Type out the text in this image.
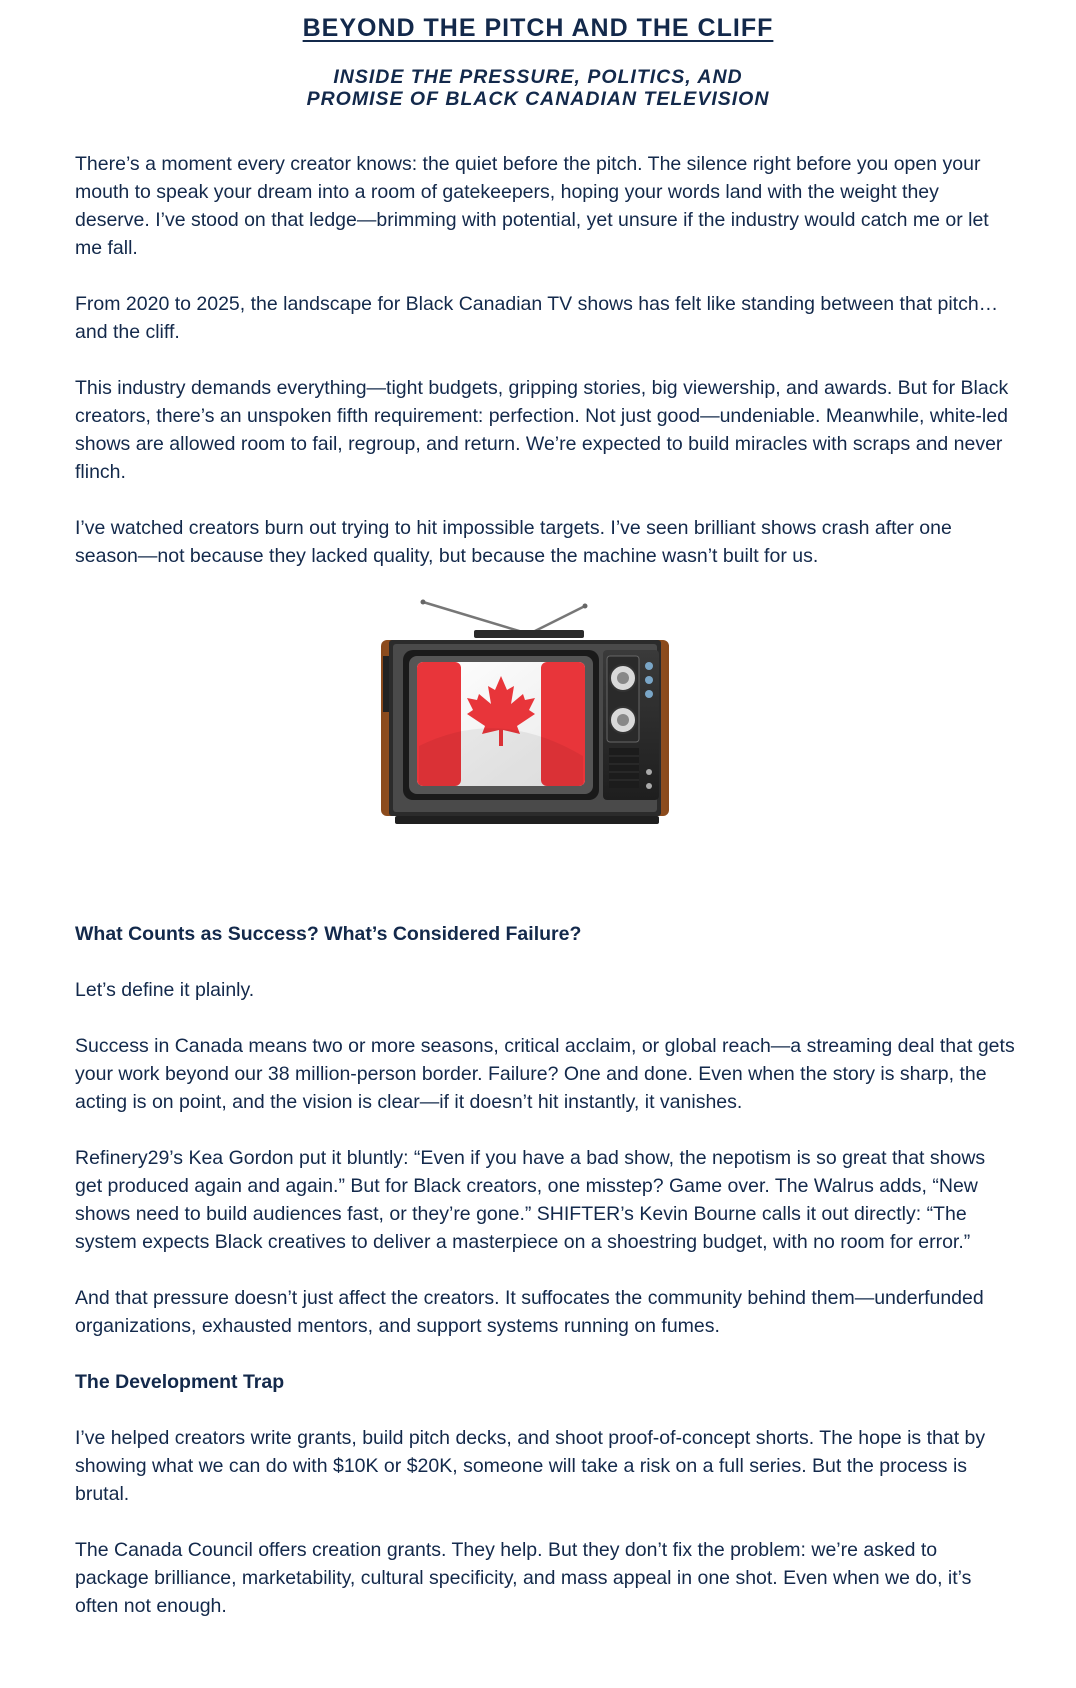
BEYOND THE PITCH AND THE CLIFF
INSIDE THE PRESSURE, POLITICS, AND
PROMISE OF BLACK CANADIAN TELEVISION

There’s a moment every creator knows: the quiet before the pitch. The silence right before you open your mouth to speak your dream into a room of gatekeepers, hoping your words land with the weight they deserve. I’ve stood on that ledge—brimming with potential, yet unsure if the industry would catch me or let me fall.

From 2020 to 2025, the landscape for Black Canadian TV shows has felt like standing between that pitch… and the cliff.

This industry demands everything—tight budgets, gripping stories, big viewership, and awards. But for Black creators, there’s an unspoken fifth requirement: perfection. Not just good—undeniable. Meanwhile, white-led shows are allowed room to fail, regroup, and return. We’re expected to build miracles with scraps and never flinch.

I’ve watched creators burn out trying to hit impossible targets. I’ve seen brilliant shows crash after one season—not because they lacked quality, but because the machine wasn’t built for us.

What Counts as Success? What’s Considered Failure?

Let’s define it plainly.

Success in Canada means two or more seasons, critical acclaim, or global reach—a streaming deal that gets your work beyond our 38 million-person border. Failure? One and done. Even when the story is sharp, the acting is on point, and the vision is clear—if it doesn’t hit instantly, it vanishes.

Refinery29’s Kea Gordon put it bluntly: “Even if you have a bad show, the nepotism is so great that shows get produced again and again.” But for Black creators, one misstep? Game over. The Walrus adds, “New shows need to build audiences fast, or they’re gone.” SHIFTER’s Kevin Bourne calls it out directly: “The system expects Black creatives to deliver a masterpiece on a shoestring budget, with no room for error.”

And that pressure doesn’t just affect the creators. It suffocates the community behind them—underfunded organizations, exhausted mentors, and support systems running on fumes.

The Development Trap

I’ve helped creators write grants, build pitch decks, and shoot proof-of-concept shorts. The hope is that by showing what we can do with $10K or $20K, someone will take a risk on a full series. But the process is brutal.

The Canada Council offers creation grants. They help. But they don’t fix the problem: we’re asked to package brilliance, marketability, cultural specificity, and mass appeal in one shot. Even when we do, it’s often not enough.
